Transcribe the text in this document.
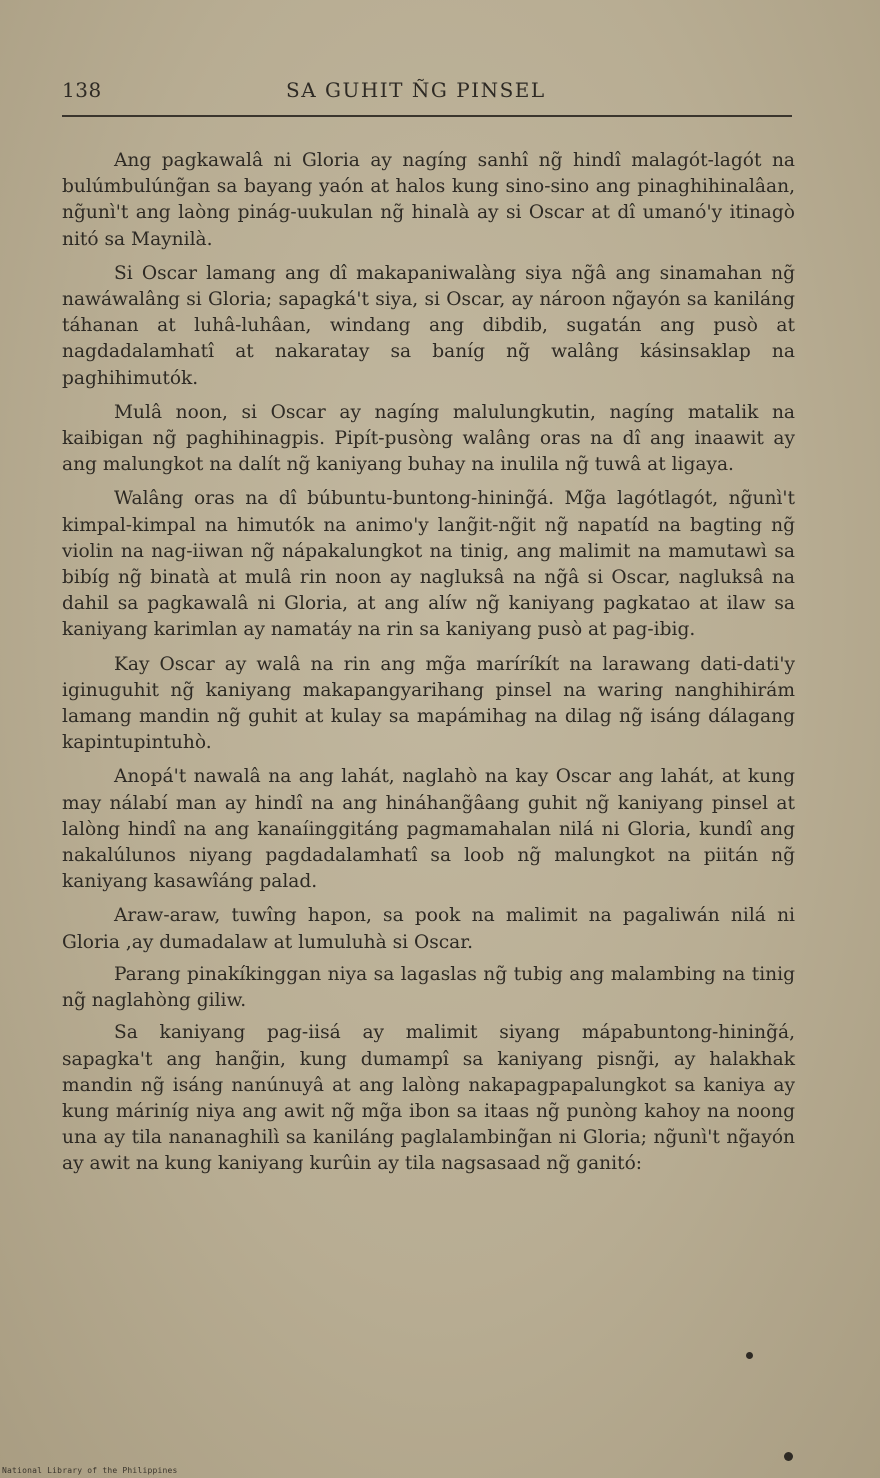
138	SA GUHIT ÑG PINSEL

Ang pagkawalâ ni Gloria ay nagíng sanhî ng̃ hindî malagót-lagót na bulúmbulúng̃an sa bayang yaón at halos kung sino-sino ang pinaghihinalâan, ng̃unì't ang laòng pinág-uukulan ng̃ hinalà ay si Oscar at dî umanó'y itinagò nitó sa Maynilà.

Si Oscar lamang ang dî makapaniwalàng siya ng̃â ang sinamahan ng̃ nawáwalâng si Gloria; sapagká't siya, si Oscar, ay nároon ng̃ayón sa kaniláng táhanan at luhâ-luhâan, windang ang dibdib, sugatán ang pusò at nagdadalamhatî at nakaratay sa baníg ng̃ walâng kásinsaklap na paghihimutók.

Mulâ noon, si Oscar ay nagíng malulungkutin, nagíng matalik na kaibigan ng̃ paghihinagpis. Pipít-pusòng walâng oras na dî ang inaawit ay ang malungkot na dalít ng̃ kaniyang buhay na inulila ng̃ tuwâ at ligaya.

Walâng oras na dî búbuntu-buntong-hining̃á. Mg̃a lagótlagót, ng̃unì't kimpal-kimpal na himutók na animo'y lang̃it-ng̃it ng̃ napatíd na bagting ng̃ violin na nag-iiwan ng̃ nápakalungkot na tinig, ang malimit na mamutawì sa bibíg ng̃ binatà at mulâ rin noon ay nagluksâ na ng̃â si Oscar, nagluksâ na dahil sa pagkawalâ ni Gloria, at ang alíw ng̃ kaniyang pagkatao at ilaw sa kaniyang karimlan ay namatáy na rin sa kaniyang pusò at pag-ibig.

Kay Oscar ay walâ na rin ang mg̃a maríríkít na larawang dati-dati'y iginuguhit ng̃ kaniyang makapangyarihang pinsel na waring nanghihirám lamang mandin ng̃ guhit at kulay sa mapámihag na dilag ng̃ isáng dálagang kapintupintuhò.

Anopá't nawalâ na ang lahát, naglahò na kay Oscar ang lahát, at kung may nálabí man ay hindî na ang hináhang̃âang guhit ng̃ kaniyang pinsel at lalòng hindî na ang kanaíinggitáng pagmamahalan nilá ni Gloria, kundî ang nakalúlunos niyang pagdadalamhatî sa loob ng̃ malungkot na piitán ng̃ kaniyang kasawîáng palad.

Araw-araw, tuwîng hapon, sa pook na malimit na pagaliwán nilá ni Gloria ,ay dumadalaw at lumuluhà si Oscar.

Parang pinakíkinggan niya sa lagaslas ng̃ tubig ang malambing na tinig ng̃ naglahòng giliw.

Sa kaniyang pag-iisá ay malimit siyang mápabuntong-hining̃á, sapagka't ang hang̃in, kung dumampî sa kaniyang pisng̃i, ay halakhak mandin ng̃ isáng nanúnuyâ at ang lalòng nakapagpapalungkot sa kaniya ay kung máriníg niya ang awit ng̃ mg̃a ibon sa itaas ng̃ punòng kahoy na noong una ay tila nananaghilì sa kaniláng paglalambing̃an ni Gloria; ng̃unì't ng̃ayón ay awit na kung kaniyang kurûin ay tila nagsasaad ng̃ ganitó:

National Library of the Philippines
